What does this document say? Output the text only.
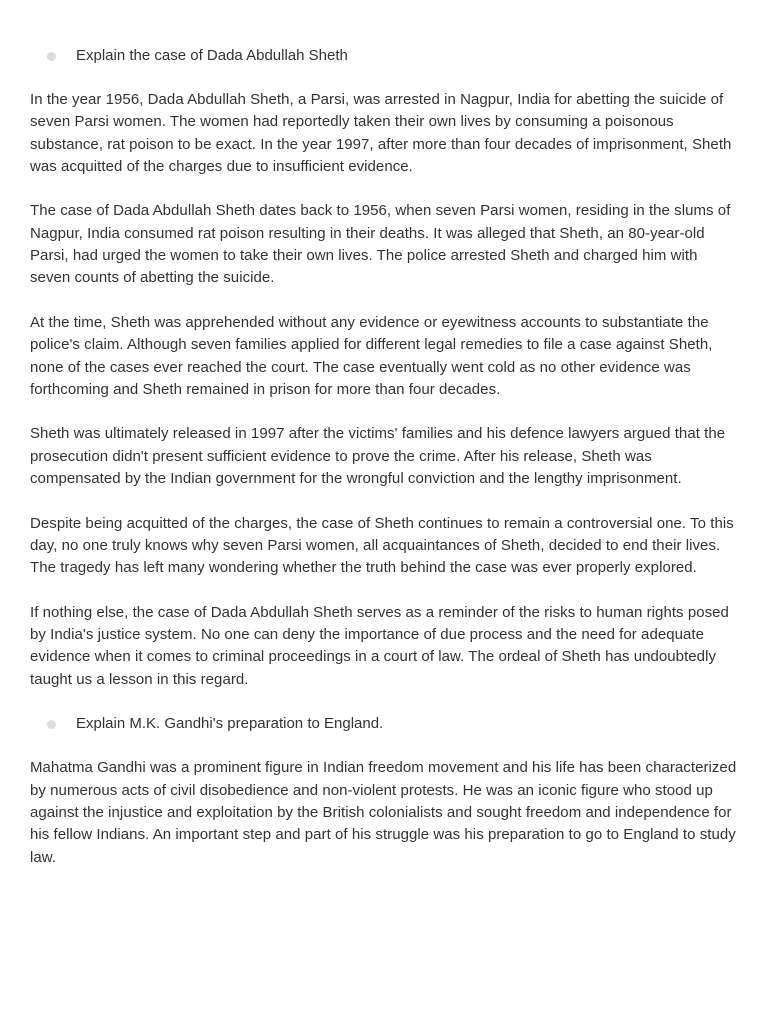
Explain the case of Dada Abdullah Sheth

In the year 1956, Dada Abdullah Sheth, a Parsi, was arrested in Nagpur, India for abetting the suicide of seven Parsi women. The women had reportedly taken their own lives by consuming a poisonous substance, rat poison to be exact. In the year 1997, after more than four decades of imprisonment, Sheth was acquitted of the charges due to insufficient evidence.

The case of Dada Abdullah Sheth dates back to 1956, when seven Parsi women, residing in the slums of Nagpur, India consumed rat poison resulting in their deaths. It was alleged that Sheth, an 80-year-old Parsi, had urged the women to take their own lives. The police arrested Sheth and charged him with seven counts of abetting the suicide.

At the time, Sheth was apprehended without any evidence or eyewitness accounts to substantiate the police's claim. Although seven families applied for different legal remedies to file a case against Sheth, none of the cases ever reached the court. The case eventually went cold as no other evidence was forthcoming and Sheth remained in prison for more than four decades.

Sheth was ultimately released in 1997 after the victims' families and his defence lawyers argued that the prosecution didn't present sufficient evidence to prove the crime. After his release, Sheth was compensated by the Indian government for the wrongful conviction and the lengthy imprisonment.

Despite being acquitted of the charges, the case of Sheth continues to remain a controversial one. To this day, no one truly knows why seven Parsi women, all acquaintances of Sheth, decided to end their lives. The tragedy has left many wondering whether the truth behind the case was ever properly explored.

If nothing else, the case of Dada Abdullah Sheth serves as a reminder of the risks to human rights posed by India's justice system. No one can deny the importance of due process and the need for adequate evidence when it comes to criminal proceedings in a court of law. The ordeal of Sheth has undoubtedly taught us a lesson in this regard.

Explain M.K. Gandhi's preparation to England.

Mahatma Gandhi was a prominent figure in Indian freedom movement and his life has been characterized by numerous acts of civil disobedience and non-violent protests. He was an iconic figure who stood up against the injustice and exploitation by the British colonialists and sought freedom and independence for his fellow Indians. An important step and part of his struggle was his preparation to go to England to study law.
